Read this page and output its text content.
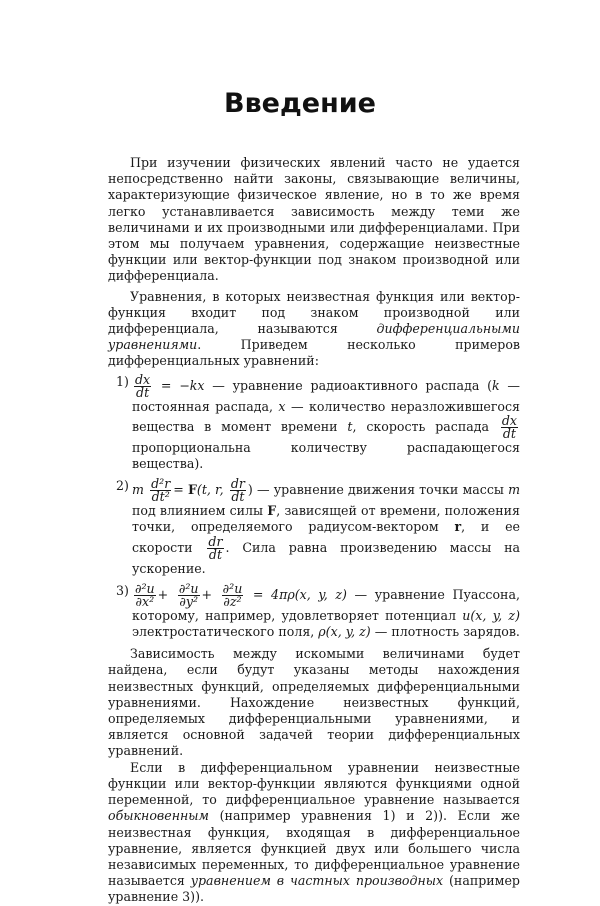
Введение

При изучении физических явлений часто не удается непосредственно найти законы, связывающие величины, характеризующие физическое явление, но в то же время легко устанавливается зависимость между теми же величинами и их производными или дифференциалами. При этом мы получаем уравнения, содержащие неизвестные функции или вектор-функции под знаком производной или дифференциала.

Уравнения, в которых неизвестная функция или вектор-функция входит под знаком производной или дифференциала, называются дифференциальными уравнениями. Приведем несколько примеров дифференциальных уравнений:

$1) \frac{dx}{dt} = -kx$ — уравнение радиоактивного распада (k — постоянная распада, x — количество неразложившегося вещества в момент времени t, скорость распада $\frac{dx}{dt}$
пропорциональна количеству распадающегося вещества).
2) m $\frac{\text{d²r}}{\text{dt²}} = F(t$, r, $\frac{dr}{dt}$ ) — уравнение движения точки массы m под влиянием силы F, зависящей от времени, положения точки, определяемого радиусом-вектором r, и ее скорости $\frac{dr}{dt}$ . Сила равна произведению массы на ускорение.
$3) \frac{\text{∂²u}}{\text{∂x²}} + \frac{\text{∂²u}}{\text{∂y²}} + \frac{\text{∂²u}}{\text{∂z²}} = 4\pi\rho(x$, y, z) — уравнение Пуассона, которому, например, удовлетворяет потенциал u(x, y, z) электростатического поля, ρ(x, y, z) — плотность зарядов.

Зависимость между искомыми величинами будет найдена, если будут указаны методы нахождения неизвестных функций, определяемых дифференциальными уравнениями. Нахождение неизвестных функций, определяемых дифференциальными уравнениями, и является основной задачей теории дифференциальных уравнений.

Если в дифференциальном уравнении неизвестные функции или вектор-функции являются функциями одной переменной, то дифференциальное уравнение называется обыкновенным (например уравнения 1) и 2)). Если же неизвестная функция, входящая в дифференциальное уравнение, является функцией двух или большего числа независимых переменных, то дифференциальное уравнение называется уравнением в частных производных (например уравнение 3)).
